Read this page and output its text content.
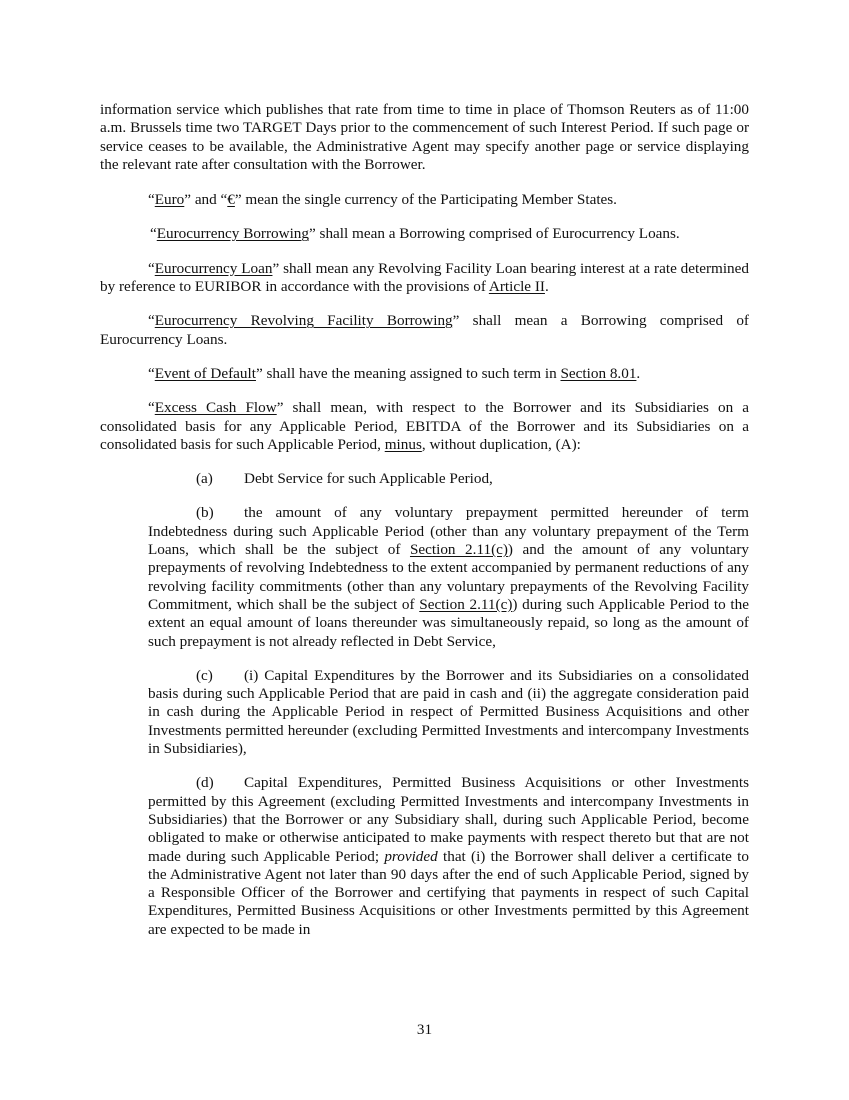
information service which publishes that rate from time to time in place of Thomson Reuters as of 11:00 a.m. Brussels time two TARGET Days prior to the commencement of such Interest Period. If such page or service ceases to be available, the Administrative Agent may specify another page or service displaying the relevant rate after consultation with the Borrower.

“Euro” and “€” mean the single currency of the Participating Member States.

“Eurocurrency Borrowing” shall mean a Borrowing comprised of Eurocurrency Loans.

“Eurocurrency Loan” shall mean any Revolving Facility Loan bearing interest at a rate determined by reference to EURIBOR in accordance with the provisions of Article II.

“Eurocurrency Revolving Facility Borrowing” shall mean a Borrowing comprised of Eurocurrency Loans.

“Event of Default” shall have the meaning assigned to such term in Section 8.01.

“Excess Cash Flow” shall mean, with respect to the Borrower and its Subsidiaries on a consolidated basis for any Applicable Period, EBITDA of the Borrower and its Subsidiaries on a consolidated basis for such Applicable Period, minus, without duplication, (A):

(a) Debt Service for such Applicable Period,

(b) the amount of any voluntary prepayment permitted hereunder of term Indebtedness during such Applicable Period (other than any voluntary prepayment of the Term Loans, which shall be the subject of Section 2.11(c)) and the amount of any voluntary prepayments of revolving Indebtedness to the extent accompanied by permanent reductions of any revolving facility commitments (other than any voluntary prepayments of the Revolving Facility Commitment, which shall be the subject of Section 2.11(c)) during such Applicable Period to the extent an equal amount of loans thereunder was simultaneously repaid, so long as the amount of such prepayment is not already reflected in Debt Service,

(c) (i) Capital Expenditures by the Borrower and its Subsidiaries on a consolidated basis during such Applicable Period that are paid in cash and (ii) the aggregate consideration paid in cash during the Applicable Period in respect of Permitted Business Acquisitions and other Investments permitted hereunder (excluding Permitted Investments and intercompany Investments in Subsidiaries),

(d) Capital Expenditures, Permitted Business Acquisitions or other Investments permitted by this Agreement (excluding Permitted Investments and intercompany Investments in Subsidiaries) that the Borrower or any Subsidiary shall, during such Applicable Period, become obligated to make or otherwise anticipated to make payments with respect thereto but that are not made during such Applicable Period; provided that (i) the Borrower shall deliver a certificate to the Administrative Agent not later than 90 days after the end of such Applicable Period, signed by a Responsible Officer of the Borrower and certifying that payments in respect of such Capital Expenditures, Permitted Business Acquisitions or other Investments permitted by this Agreement are expected to be made in

31
